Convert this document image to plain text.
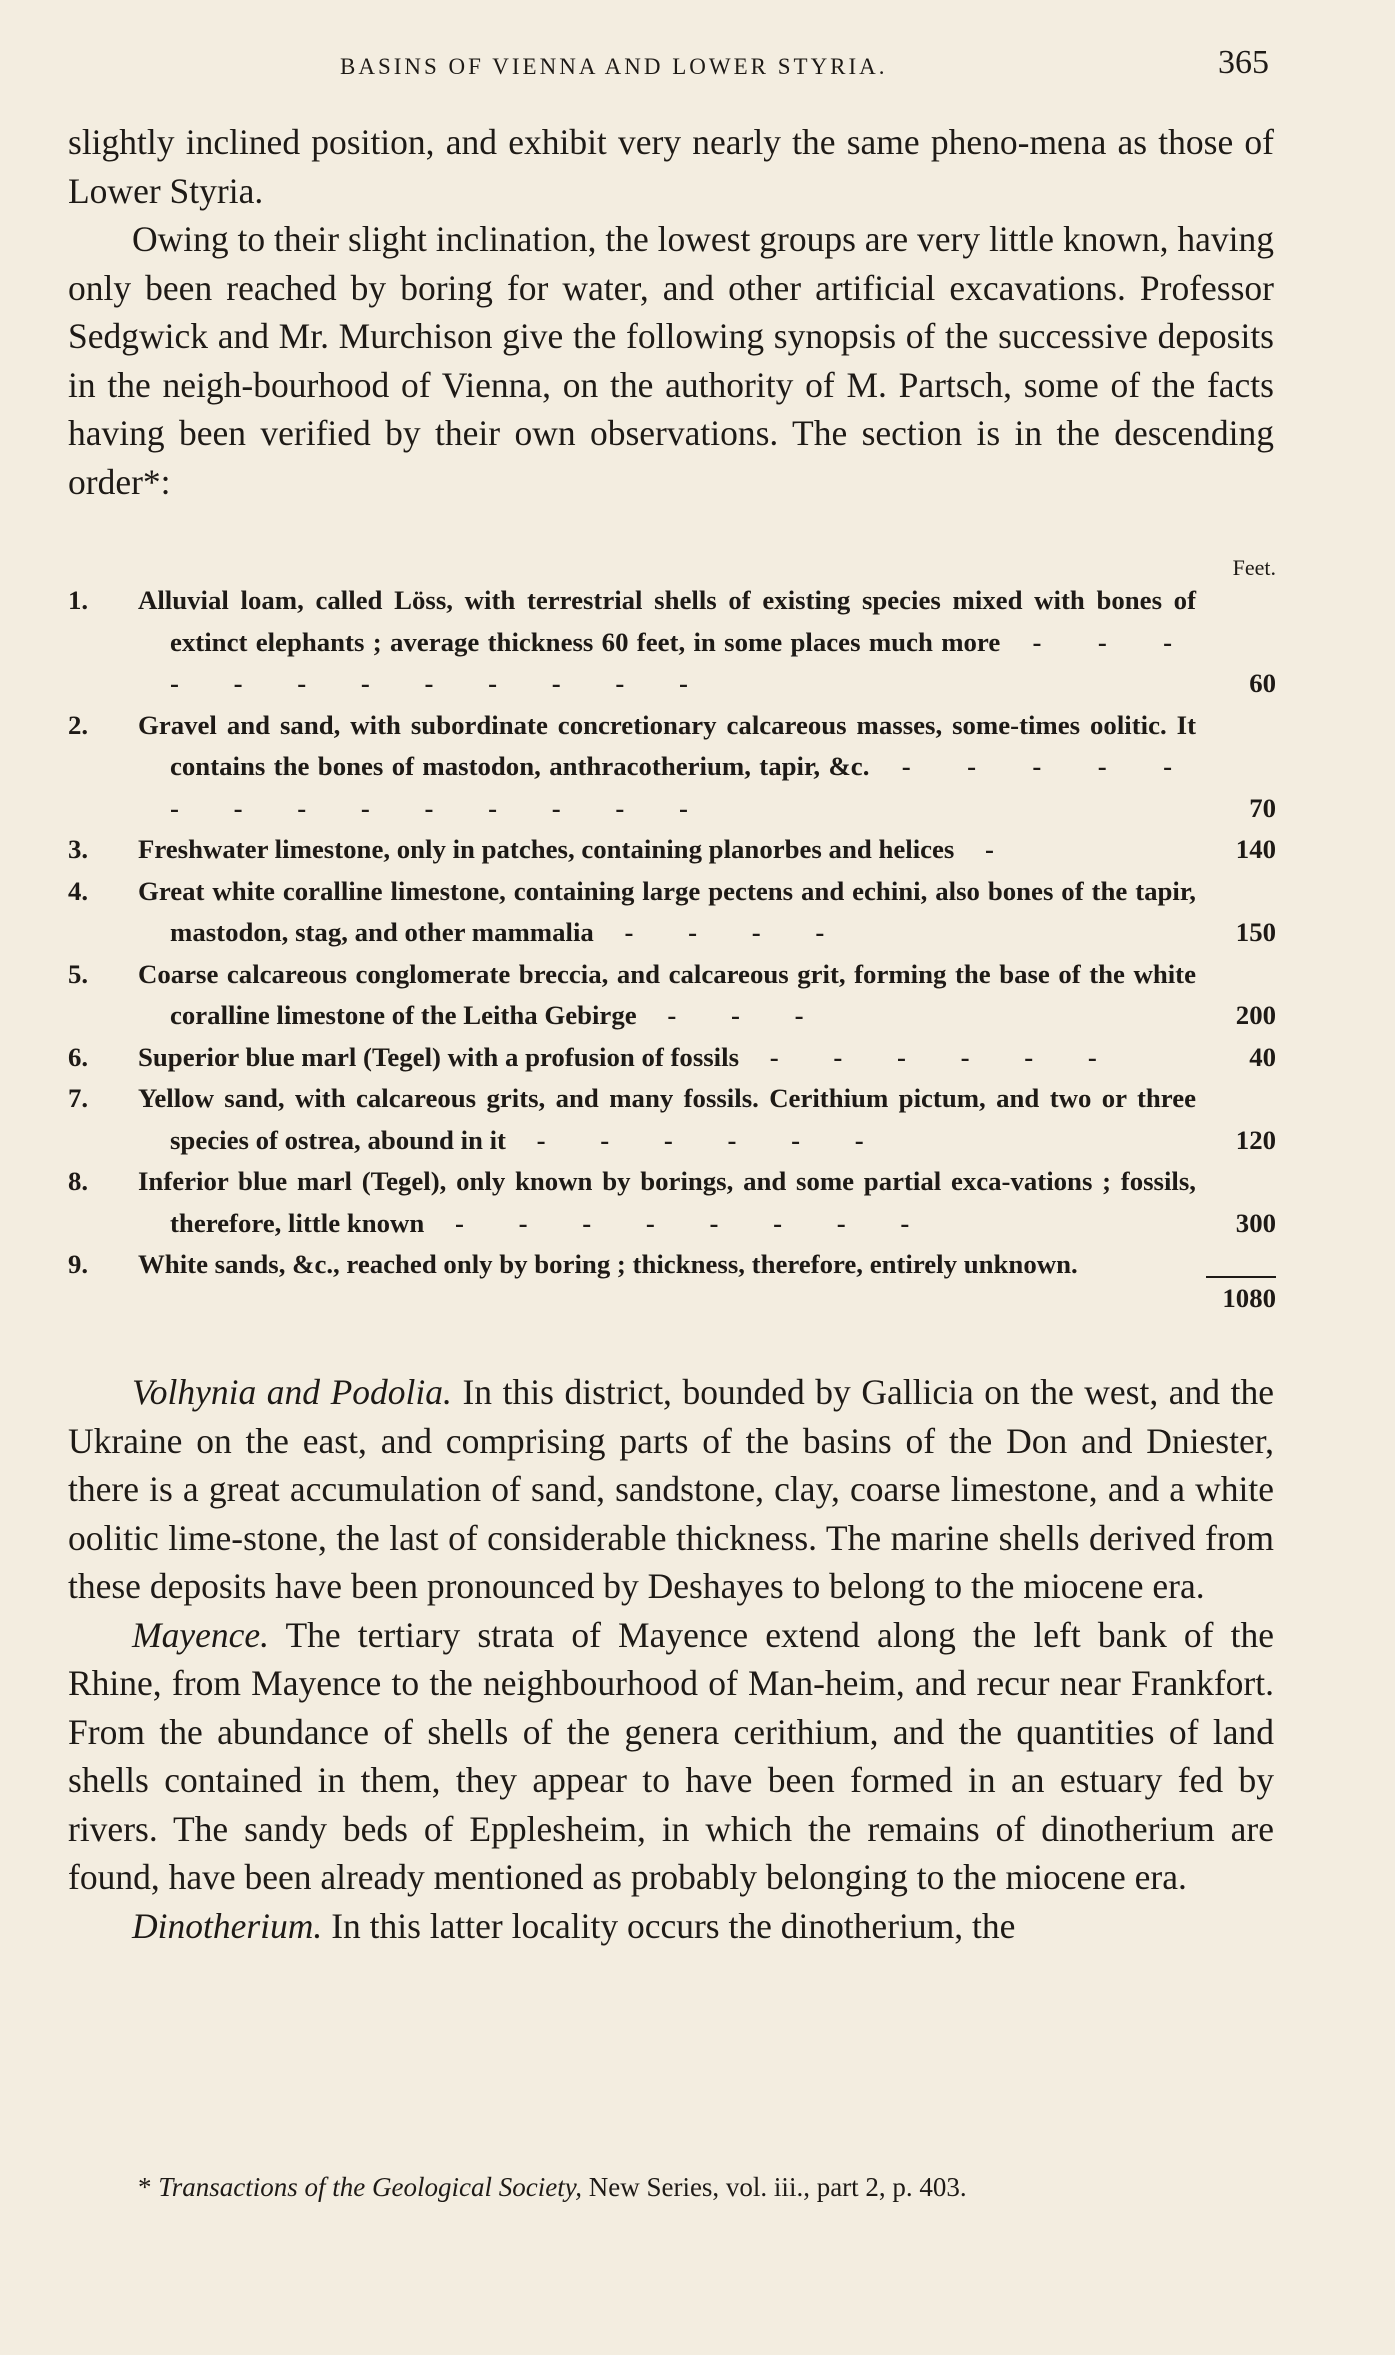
BASINS OF VIENNA AND LOWER STYRIA.	365

slightly inclined position, and exhibit very nearly the same pheno-mena as those of Lower Styria.

Owing to their slight inclination, the lowest groups are very little known, having only been reached by boring for water, and other artificial excavations. Professor Sedgwick and Mr. Murchison give the following synopsis of the successive deposits in the neigh-bourhood of Vienna, on the authority of M. Partsch, some of the facts having been verified by their own observations. The section is in the descending order*:

Feet.
1.	Alluvial loam, called Löss, with terrestrial shells of existing species mixed with bones of extinct elephants ; average thickness 60 feet, in some places much more - - - - - - - - - - - -	60
2.	Gravel and sand, with subordinate concretionary calcareous masses, some-times oolitic. It contains the bones of mastodon, anthracotherium, tapir, &c. - - - - - - - - - - - - - -	70
3.	Freshwater limestone, only in patches, containing planorbes and helices -	140
4.	Great white coralline limestone, containing large pectens and echini, also bones of the tapir, mastodon, stag, and other mammalia - - - -	150
5.	Coarse calcareous conglomerate breccia, and calcareous grit, forming the base of the white coralline limestone of the Leitha Gebirge - - -	200
6.	Superior blue marl (Tegel) with a profusion of fossils - - - - - -	40
7.	Yellow sand, with calcareous grits, and many fossils. Cerithium pictum, and two or three species of ostrea, abound in it - - - - - -	120
8.	Inferior blue marl (Tegel), only known by borings, and some partial exca-vations ; fossils, therefore, little known - - - - - - - -	300
9.	White sands, &c., reached only by boring ; thickness, therefore, entirely unknown.
1080

Volhynia and Podolia. In this district, bounded by Gallicia on the west, and the Ukraine on the east, and comprising parts of the basins of the Don and Dniester, there is a great accumulation of sand, sandstone, clay, coarse limestone, and a white oolitic lime-stone, the last of considerable thickness. The marine shells derived from these deposits have been pronounced by Deshayes to belong to the miocene era.

Mayence. The tertiary strata of Mayence extend along the left bank of the Rhine, from Mayence to the neighbourhood of Man-heim, and recur near Frankfort. From the abundance of shells of the genera cerithium, and the quantities of land shells contained in them, they appear to have been formed in an estuary fed by rivers. The sandy beds of Epplesheim, in which the remains of dinotherium are found, have been already mentioned as probably belonging to the miocene era.

Dinotherium. In this latter locality occurs the dinotherium, the

* Transactions of the Geological Society, New Series, vol. iii., part 2, p. 403.
